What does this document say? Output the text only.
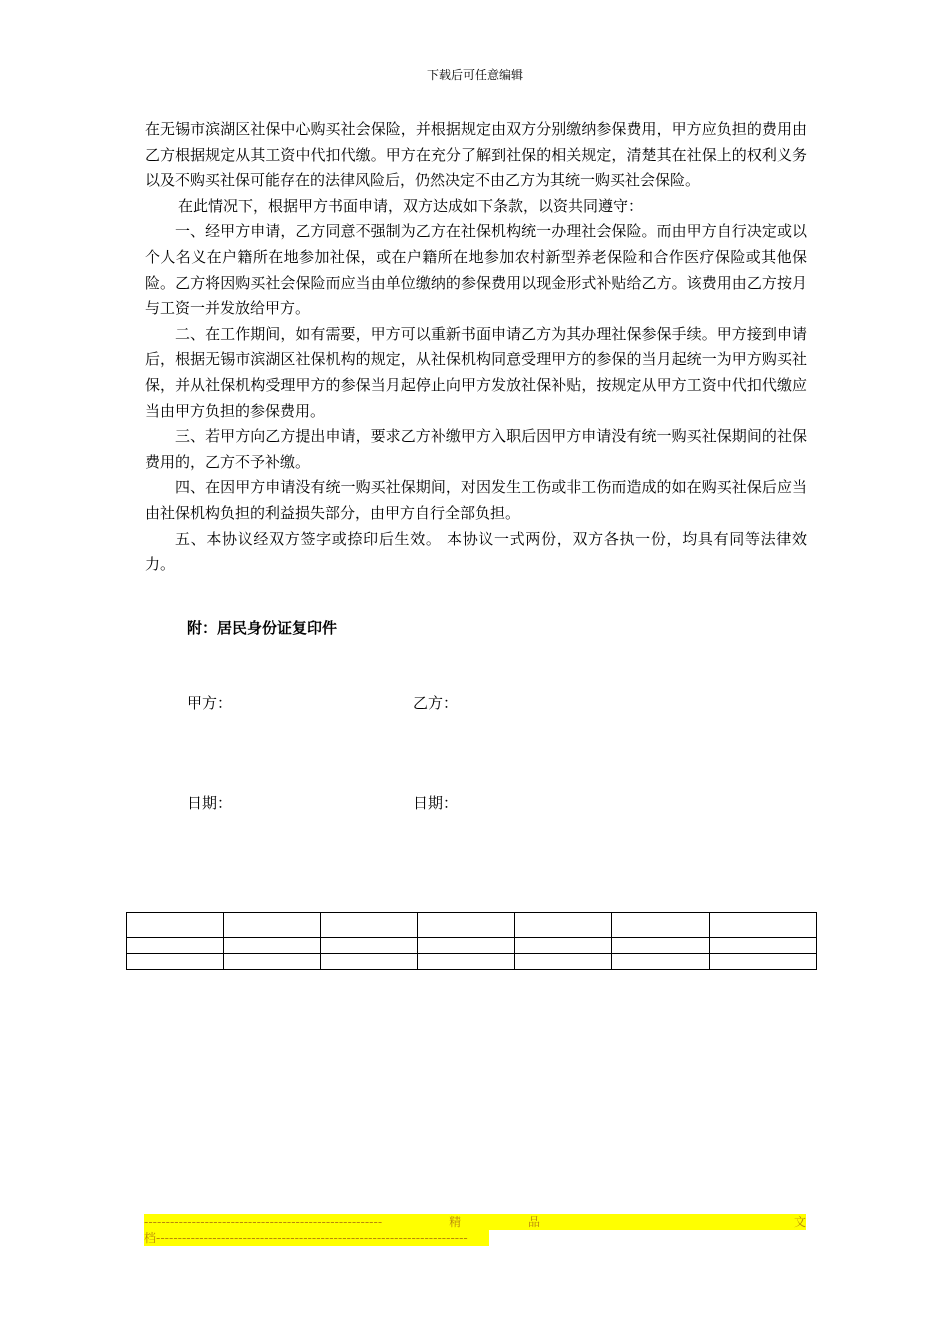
下载后可任意编辑

在无锡市滨湖区社保中心购买社会保险，并根据规定由双方分别缴纳参保费用，甲方应负担的费用由乙方根据规定从其工资中代扣代缴。甲方在充分了解到社保的相关规定，清楚其在社保上的权利义务以及不购买社保可能存在的法律风险后，仍然决定不由乙方为其统一购买社会保险。

在此情况下，根据甲方书面申请，双方达成如下条款，以资共同遵守：

一、经甲方申请，乙方同意不强制为乙方在社保机构统一办理社会保险。而由甲方自行决定或以个人名义在户籍所在地参加社保，或在户籍所在地参加农村新型养老保险和合作医疗保险或其他保险。乙方将因购买社会保险而应当由单位缴纳的参保费用以现金形式补贴给乙方。该费用由乙方按月与工资一并发放给甲方。

二、在工作期间，如有需要，甲方可以重新书面申请乙方为其办理社保参保手续。甲方接到申请后，根据无锡市滨湖区社保机构的规定，从社保机构同意受理甲方的参保的当月起统一为甲方购买社保，并从社保机构受理甲方的参保当月起停止向甲方发放社保补贴，按规定从甲方工资中代扣代缴应当由甲方负担的参保费用。

三、若甲方向乙方提出申请，要求乙方补缴甲方入职后因甲方申请没有统一购买社保期间的社保费用的，乙方不予补缴。

四、在因甲方申请没有统一购买社保期间，对因发生工伤或非工伤而造成的如在购买社保后应当由社保机构负担的利益损失部分，由甲方自行全部负担。

五、本协议经双方签字或捺印后生效。 本协议一式两份，双方各执一份，均具有同等法律效力。

附：居民身份证复印件
甲方：	乙方：
日期：	日期：

-------------------------------------------------------	精	品	文
档------------------------------------------------------------------------
